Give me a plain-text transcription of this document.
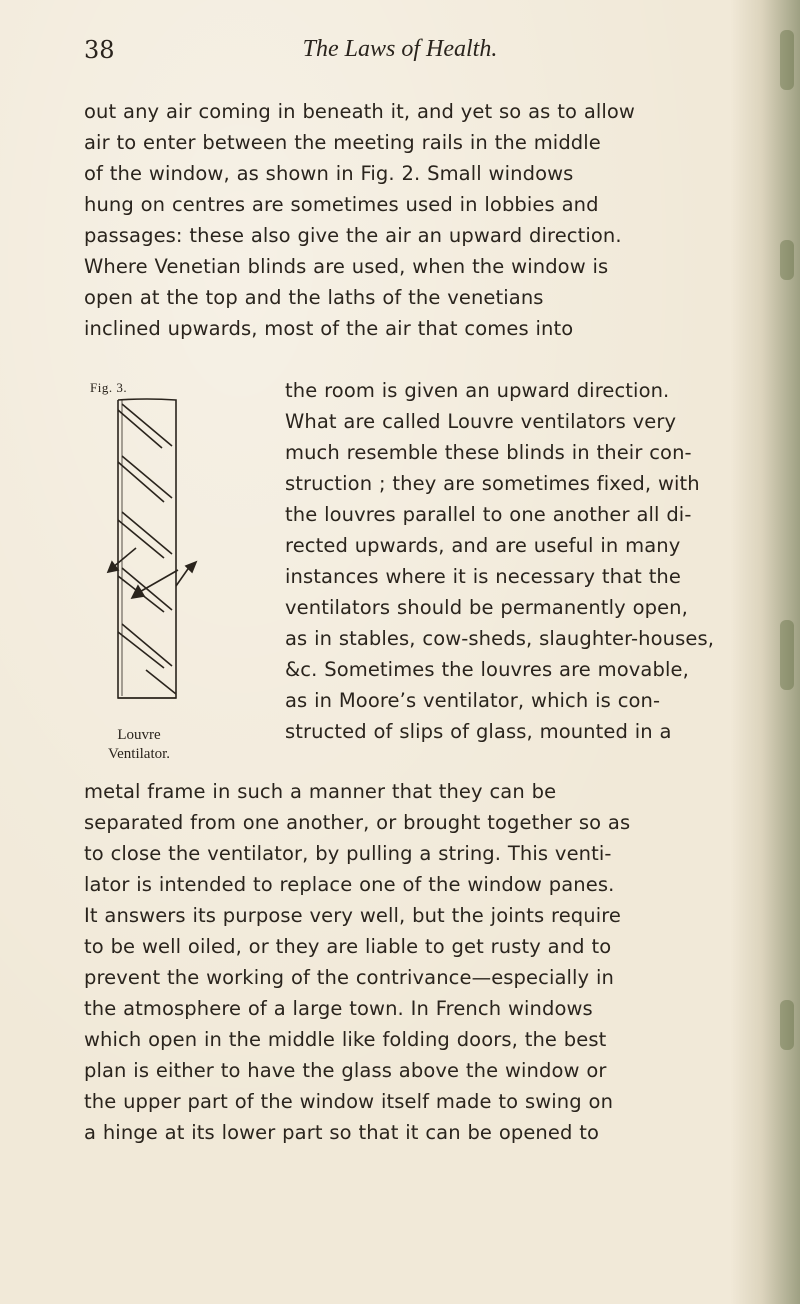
38	The Laws of Health.
out any air coming in beneath it, and yet so as to allow
air to enter between the meeting rails in the middle
of the window, as shown in Fig. 2. Small windows
hung on centres are sometimes used in lobbies and
passages: these also give the air an upward direction.
Where Venetian blinds are used, when the window is
open at the top and the laths of the venetians
inclined upwards, most of the air that comes into
Fig. 3.
Louvre
Ventilator.
the room is given an upward direction.
What are called Louvre ventilators very
much resemble these blinds in their con-
struction ; they are sometimes fixed, with
the louvres parallel to one another all di-
rected upwards, and are useful in many
instances where it is necessary that the
ventilators should be permanently open,
as in stables, cow-sheds, slaughter-houses,
&c. Sometimes the louvres are movable,
as in Moore’s ventilator, which is con-
structed of slips of glass, mounted in a
metal frame in such a manner that they can be
separated from one another, or brought together so as
to close the ventilator, by pulling a string. This venti-
lator is intended to replace one of the window panes.
It answers its purpose very well, but the joints require
to be well oiled, or they are liable to get rusty and to
prevent the working of the contrivance—especially in
the atmosphere of a large town. In French windows
which open in the middle like folding doors, the best
plan is either to have the glass above the window or
the upper part of the window itself made to swing on
a hinge at its lower part so that it can be opened to
